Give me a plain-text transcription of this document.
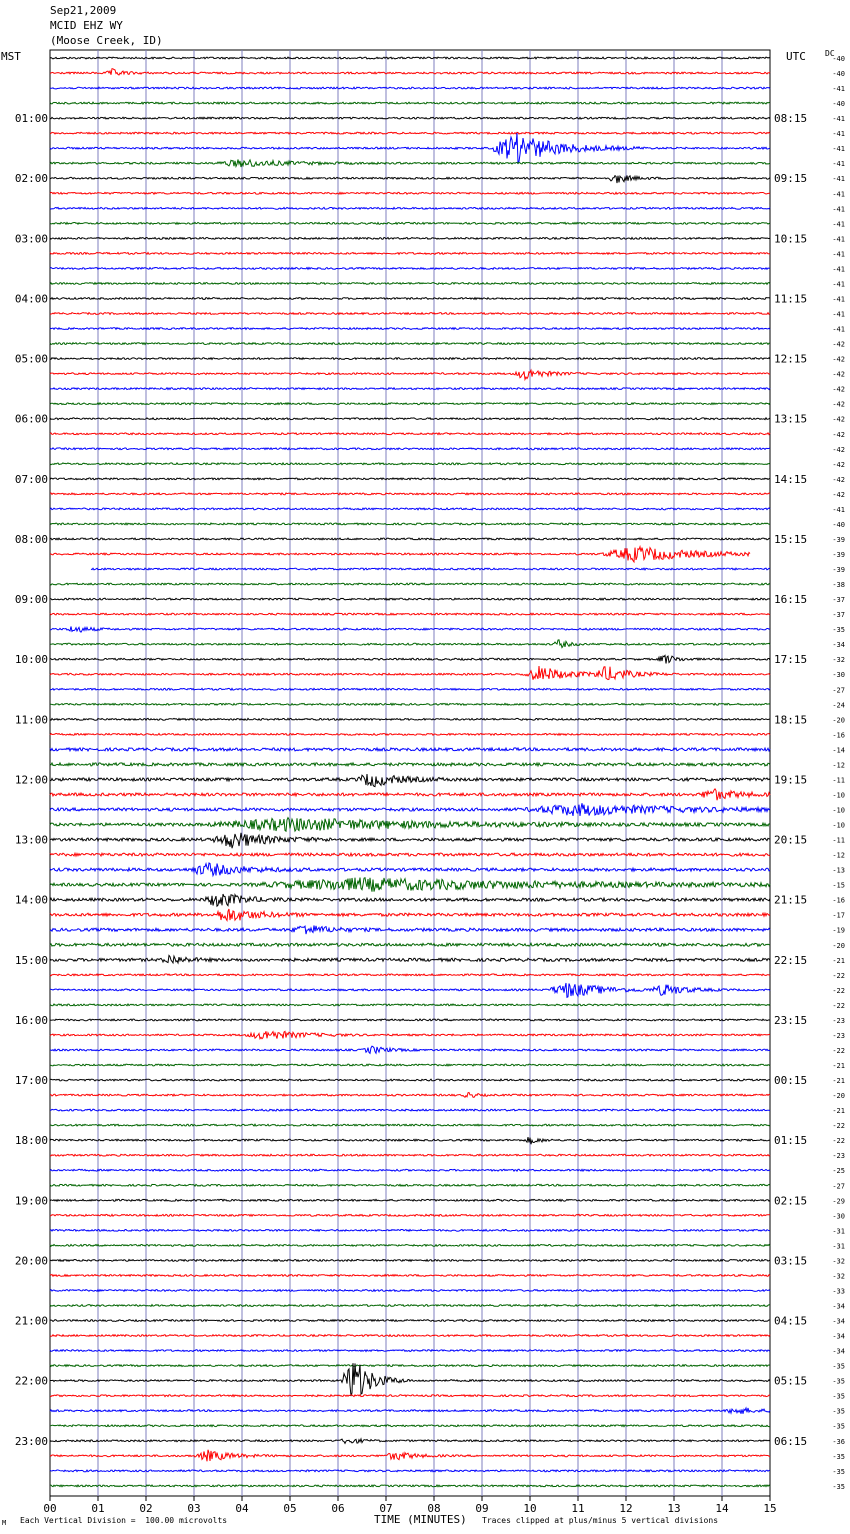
Sep21,2009
MCID EHZ WY
(Moose Creek, ID)
MST	UTC DC
00	01	02	03	04	05	06	07	08	09	10	11	12	13	14	15
01:00
02:00
03:00
04:00
05:00
06:00
07:00
08:00
09:00
10:00
11:00
12:00
13:00
14:00
15:00
16:00
17:00
18:00
19:00
20:00
21:00
22:00
23:00
08:15
09:15
10:15
11:15
12:15
13:15
14:15
15:15
16:15
17:15
18:15
19:15
20:15
21:15
22:15
23:15
00:15
01:15
02:15
03:15
04:15
05:15
06:15
-40
-40
-41
-40
-41
-41
-41
-41
-41
-41
-41
-41
-41
-41
-41
-41
-41
-41
-41
-42
-42
-42
-42
-42
-42
-42
-42
-42
-42
-42
-41
-40
-39
-39
-39
-38
-37
-37
-35
-34
-32
-30
-27
-24
-20
-16
-14
-12
-11
-10
-10
-10
-11
-12
-13
-15
-16
-17
-19
-20
-21
-22
-22
-22
-23
-23
-22
-21
-21
-20
-21
-22
-22
-23
-25
-27
-29
-30
-31
-31
-32
-32
-33
-34
-34
-34
-34
-35
-35
-35
-35
-35
-36
-35
-35
-35
M Each Vertical Division =  100.00 microvolts	TIME (MINUTES) Traces clipped at plus/minus 5 vertical divisions
